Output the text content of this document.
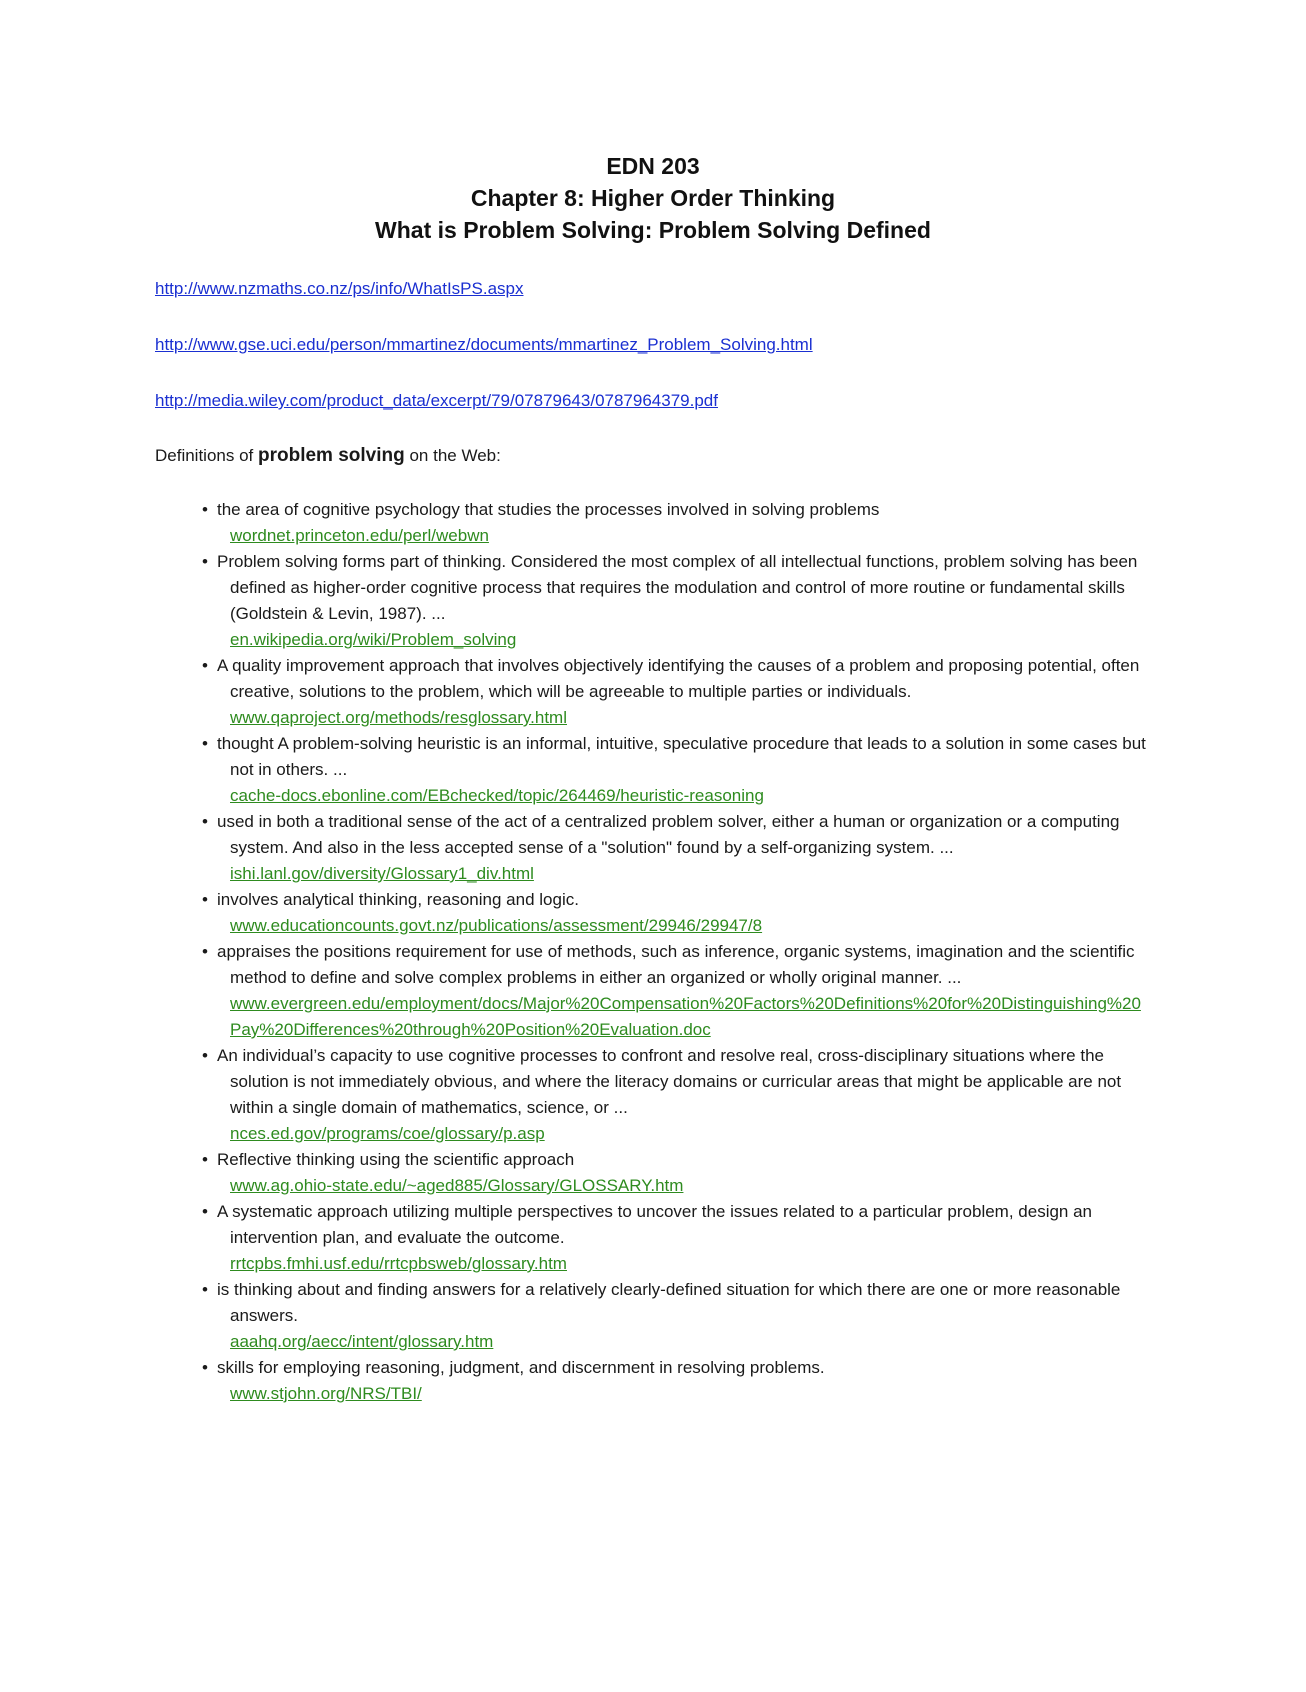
EDN 203
Chapter 8: Higher Order Thinking
What is Problem Solving: Problem Solving Defined
http://www.nzmaths.co.nz/ps/info/WhatIsPS.aspx
http://www.gse.uci.edu/person/mmartinez/documents/mmartinez_Problem_Solving.html
http://media.wiley.com/product_data/excerpt/79/07879643/0787964379.pdf
Definitions of problem solving on the Web:
• the area of cognitive psychology that studies the processes involved in solving problems
wordnet.princeton.edu/perl/webwn
• Problem solving forms part of thinking. Considered the most complex of all intellectual functions, problem solving has been defined as higher-order cognitive process that requires the modulation and control of more routine or fundamental skills (Goldstein & Levin, 1987). ...
en.wikipedia.org/wiki/Problem_solving
• A quality improvement approach that involves objectively identifying the causes of a problem and proposing potential, often creative, solutions to the problem, which will be agreeable to multiple parties or individuals.
www.qaproject.org/methods/resglossary.html
• thought A problem-solving heuristic is an informal, intuitive, speculative procedure that leads to a solution in some cases but not in others. ...
cache-docs.ebonline.com/EBchecked/topic/264469/heuristic-reasoning
• used in both a traditional sense of the act of a centralized problem solver, either a human or organization or a computing system. And also in the less accepted sense of a "solution" found by a self-organizing system. ...
ishi.lanl.gov/diversity/Glossary1_div.html
• involves analytical thinking, reasoning and logic.
www.educationcounts.govt.nz/publications/assessment/29946/29947/8
• appraises the positions requirement for use of methods, such as inference, organic systems, imagination and the scientific method to define and solve complex problems in either an organized or wholly original manner. ...
www.evergreen.edu/employment/docs/Major%20Compensation%20Factors%20Definitions%20for%20Distinguishing%20Pay%20Differences%20through%20Position%20Evaluation.doc
• An individual’s capacity to use cognitive processes to confront and resolve real, cross-disciplinary situations where the solution is not immediately obvious, and where the literacy domains or curricular areas that might be applicable are not within a single domain of mathematics, science, or ...
nces.ed.gov/programs/coe/glossary/p.asp
• Reflective thinking using the scientific approach
www.ag.ohio-state.edu/~aged885/Glossary/GLOSSARY.htm
• A systematic approach utilizing multiple perspectives to uncover the issues related to a particular problem, design an intervention plan, and evaluate the outcome.
rrtcpbs.fmhi.usf.edu/rrtcpbsweb/glossary.htm
• is thinking about and finding answers for a relatively clearly-defined situation for which there are one or more reasonable answers.
aaahq.org/aecc/intent/glossary.htm
• skills for employing reasoning, judgment, and discernment in resolving problems.
www.stjohn.org/NRS/TBI/
